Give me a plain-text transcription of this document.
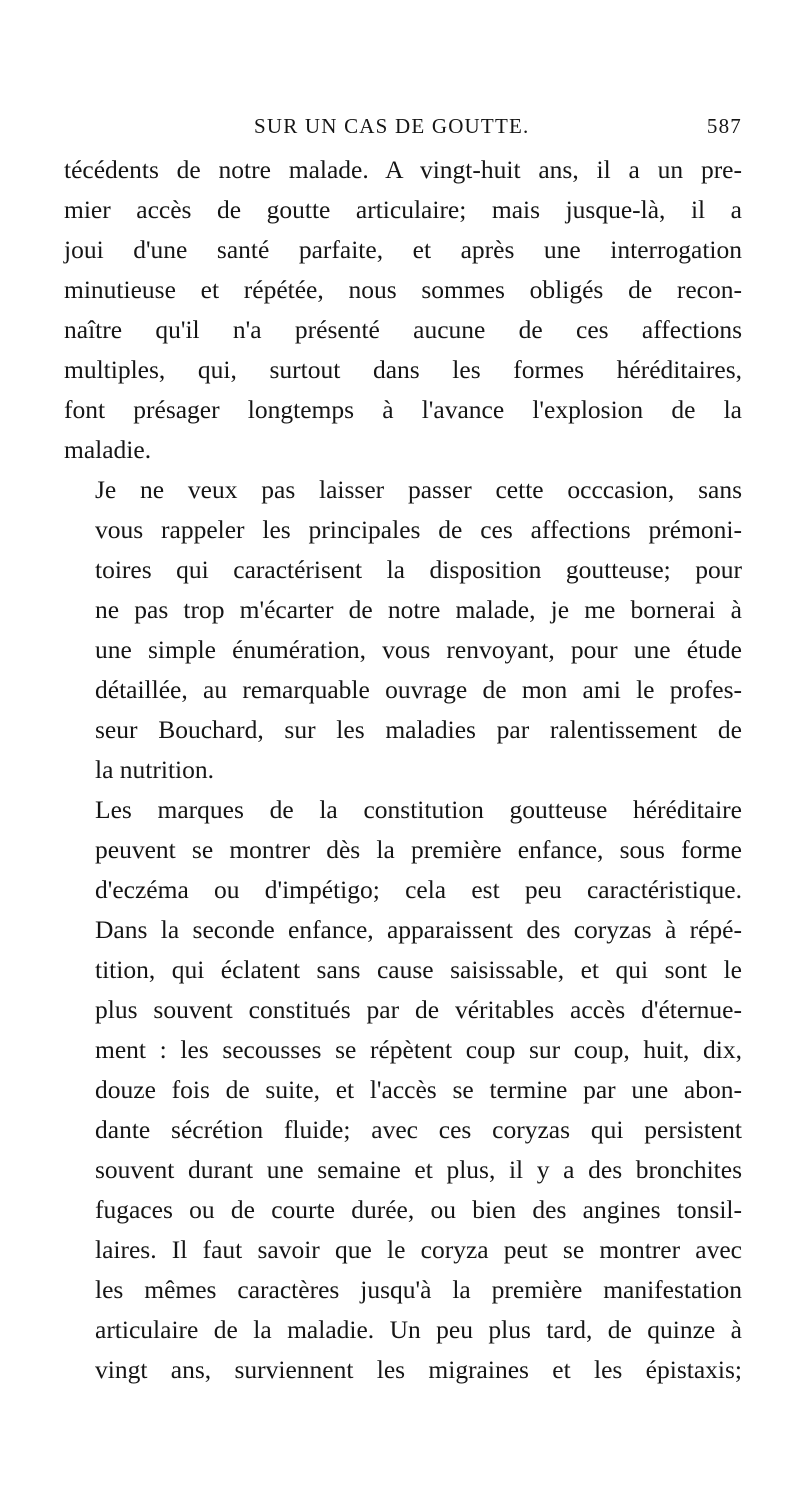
SUR UN CAS DE GOUTTE.	587
técédents de notre malade. A vingt-huit ans, il a un pre-
mier accès de goutte articulaire; mais jusque-là, il a
joui d'une santé parfaite, et après une interrogation
minutieuse et répétée, nous sommes obligés de recon-
naître qu'il n'a présenté aucune de ces affections
multiples, qui, surtout dans les formes héréditaires,
font présager longtemps à l'avance l'explosion de la
maladie.
Je ne veux pas laisser passer cette occcasion, sans
vous rappeler les principales de ces affections prémoni-
toires qui caractérisent la disposition goutteuse; pour
ne pas trop m'écarter de notre malade, je me bornerai à
une simple énumération, vous renvoyant, pour une étude
détaillée, au remarquable ouvrage de mon ami le profes-
seur Bouchard, sur les maladies par ralentissement de
la nutrition.
Les marques de la constitution goutteuse héréditaire
peuvent se montrer dès la première enfance, sous forme
d'eczéma ou d'impétigo; cela est peu caractéristique.
Dans la seconde enfance, apparaissent des coryzas à répé-
tition, qui éclatent sans cause saisissable, et qui sont le
plus souvent constitués par de véritables accès d'éternue-
ment : les secousses se répètent coup sur coup, huit, dix,
douze fois de suite, et l'accès se termine par une abon-
dante sécrétion fluide; avec ces coryzas qui persistent
souvent durant une semaine et plus, il y a des bronchites
fugaces ou de courte durée, ou bien des angines tonsil-
laires. Il faut savoir que le coryza peut se montrer avec
les mêmes caractères jusqu'à la première manifestation
articulaire de la maladie. Un peu plus tard, de quinze à
vingt ans, surviennent les migraines et les épistaxis;
